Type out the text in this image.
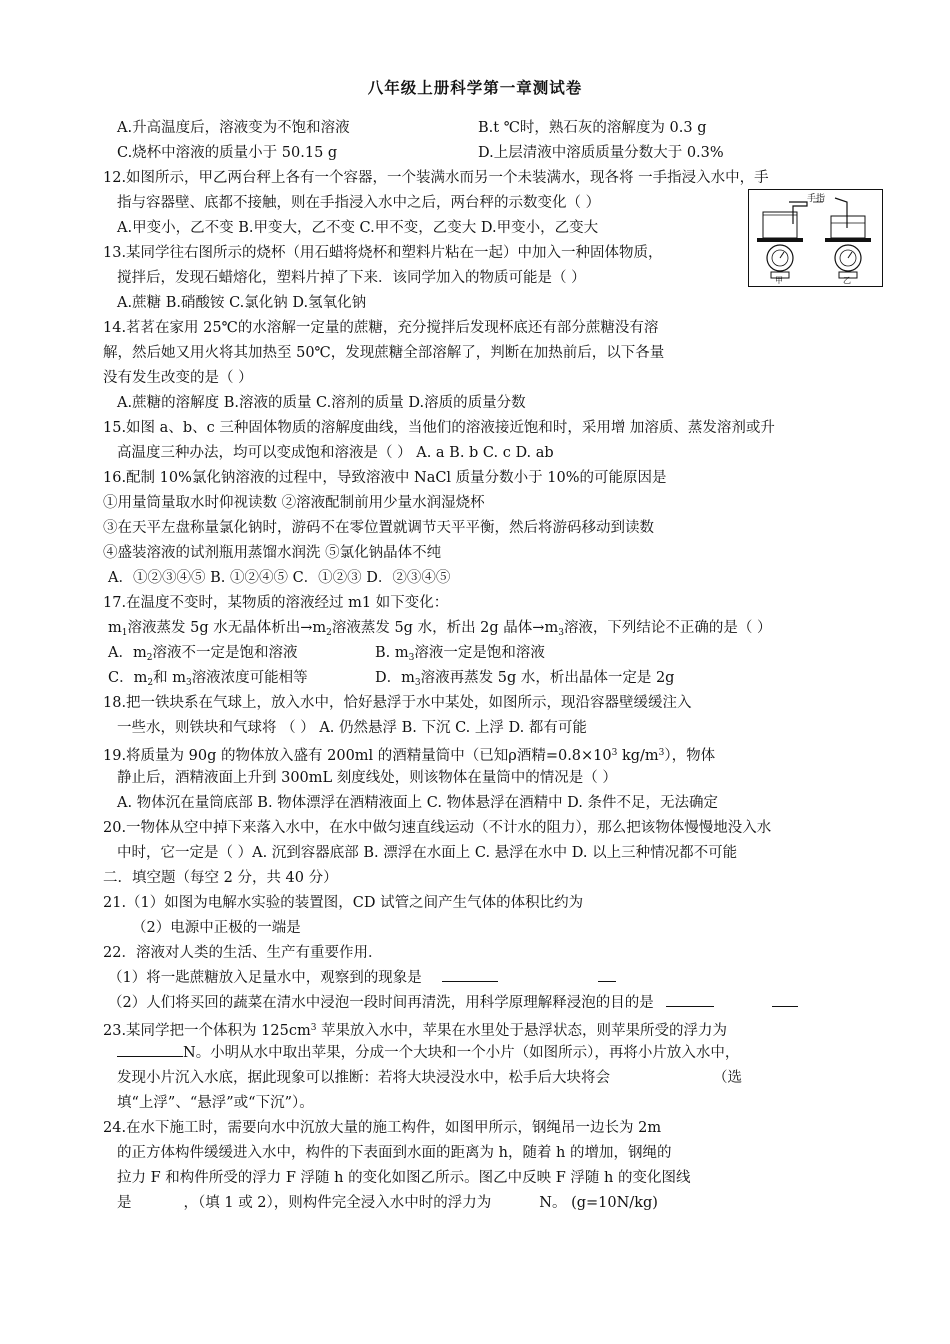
八年级上册科学第一章测试卷
A.升高温度后，溶液变为不饱和溶液	B.t ℃时，熟石灰的溶解度为 0.3 g
C.烧杯中溶液的质量小于 50.15 g	D.上层清液中溶质质量分数大于 0.3%
12.如图所示，甲乙两台秤上各有一个容器，一个装满水而另一个未装满水，现各将 一手指浸入水中，手
指与容器壁、底都不接触，则在手指浸入水中之后，两台秤的示数变化（ ）
A.甲变小，乙不变 B.甲变大，乙不变 C.甲不变，乙变大 D.甲变小，乙变大
手指
甲	乙
13.某同学往右图所示的烧杯（用石蜡将烧杯和塑料片粘在一起）中加入一种固体物质，
搅拌后，发现石蜡熔化，塑料片掉了下来．该同学加入的物质可能是（ ）
A.蔗糖 B.硝酸铵 C.氯化钠 D.氢氧化钠
14.茗茗在家用 25℃的水溶解一定量的蔗糖，充分搅拌后发现杯底还有部分蔗糖没有溶
解，然后她又用火将其加热至 50℃，发现蔗糖全部溶解了，判断在加热前后，以下各量
没有发生改变的是（ ）
A.蔗糖的溶解度 B.溶液的质量 C.溶剂的质量 D.溶质的质量分数
15.如图 a、b、c 三种固体物质的溶解度曲线，当他们的溶液接近饱和时，采用增 加溶质、蒸发溶剂或升
高温度三种办法，均可以变成饱和溶液是（ ） A. a B. b C. c D. ab
16.配制 10%氯化钠溶液的过程中，导致溶液中 NaCl 质量分数小于 10%的可能原因是
①用量筒量取水时仰视读数 ②溶液配制前用少量水润湿烧杯
③在天平左盘称量氯化钠时，游码不在零位置就调节天平平衡，然后将游码移动到读数
④盛装溶液的试剂瓶用蒸馏水润洗 ⑤氯化钠晶体不纯
A．①②③④⑤ B. ①②④⑤ C．①②③ D．②③④⑤
17.在温度不变时，某物质的溶液经过 m1 如下变化：
$m_1$溶液蒸发 5g 水无晶体析出$\to m_2$溶液蒸发 5g 水，析出 2g 晶体$\to m_3$溶液，下列结论不正确的是（ ）
A．$m_2$溶液不一定是饱和溶液	B. $m_3$溶液一定是饱和溶液
C．$m_2$和 $m_3$溶液浓度可能相等	D．$m_3$溶液再蒸发 5g 水，析出晶体一定是 2g
18.把一铁块系在气球上，放入水中，恰好悬浮于水中某处，如图所示，现沿容器壁缓缓注入
一些水，则铁块和气球将 （ ） A. 仍然悬浮 B. 下沉 C. 上浮 D. 都有可能
19.将质量为 90g 的物体放入盛有 200ml 的酒精量筒中（已知ρ酒精$=0.8\times 10^3$ $kg/m^3$），物体
静止后，酒精液面上升到 300mL 刻度线处，则该物体在量筒中的情况是（ ）
A. 物体沉在量筒底部 B. 物体漂浮在酒精液面上 C. 物体悬浮在酒精中 D. 条件不足，无法确定
20.一物体从空中掉下来落入水中，在水中做匀速直线运动（不计水的阻力），那么把该物体慢慢地没入水
中时，它一定是（ ）A. 沉到容器底部 B. 漂浮在水面上 C. 悬浮在水中 D. 以上三种情况都不可能
二．填空题（每空 2 分，共 40 分）
21.（1）如图为电解水实验的装置图，CD 试管之间产生气体的体积比约为
（2）电源中正极的一端是
22．溶液对人类的生活、生产有重要作用．
（1）将一匙蔗糖放入足量水中，观察到的现象是
（2）人们将买回的蔬菜在清水中浸泡一段时间再清洗，用科学原理解释浸泡的目的是
23.某同学把一个体积为 $125cm^3$ 苹果放入水中，苹果在水里处于悬浮状态，则苹果所受的浮力为
N。小明从水中取出苹果，分成一个大块和一个小片（如图所示），再将小片放入水中，
发现小片沉入水底，据此现象可以推断：若将大块浸没水中，松手后大块将会	（选
填“上浮”、“悬浮”或“下沉”）。
24.在水下施工时，需要向水中沉放大量的施工构件，如图甲所示，钢绳吊一边长为 2m
的正方体构件缓缓进入水中，构件的下表面到水面的距离为 h，随着 h 的增加，钢绳的
拉力 F 和构件所受的浮力 F 浮随 h 的变化如图乙所示。图乙中反映 F 浮随 h 的变化图线
是	，（填 1 或 2），则构件完全浸入水中时的浮力为	N。 (g=10N/kg)
